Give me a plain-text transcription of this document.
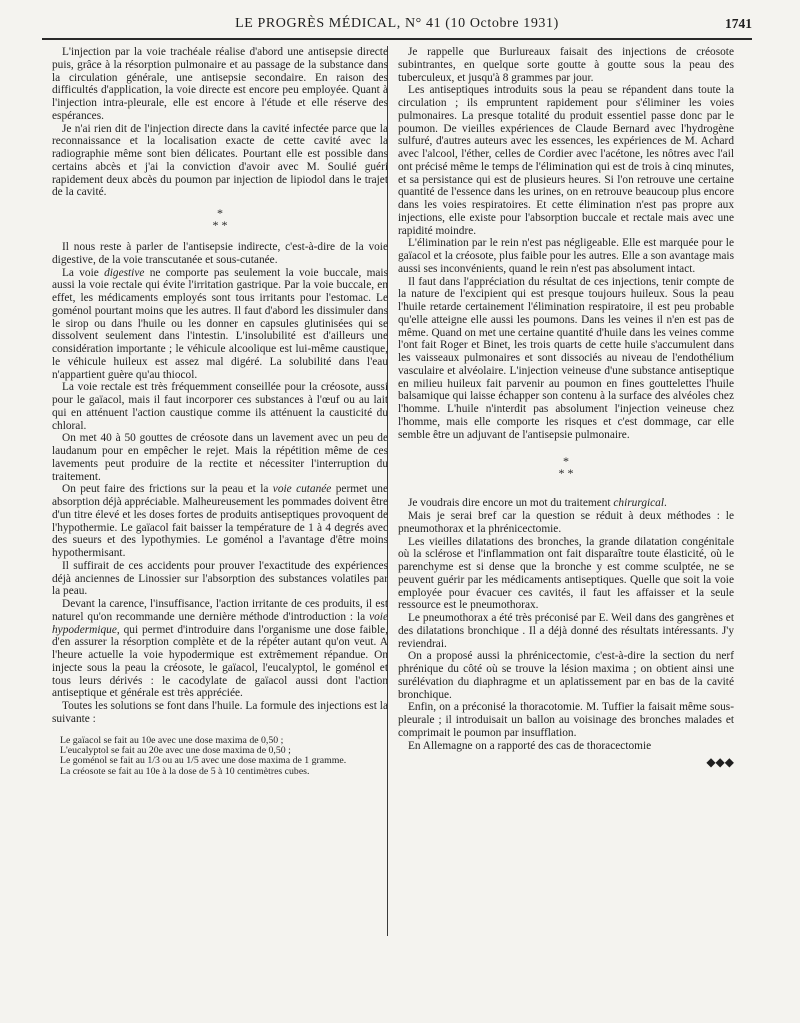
LE PROGRÈS MÉDICAL, N° 41 (10 Octobre 1931)	1741

L'injection par la voie trachéale réalise d'abord une antisepsie directe puis, grâce à la résorption pulmonaire et au passage de la substance dans la circulation générale, une antisepsie secondaire. En raison des difficultés d'application, la voie directe est encore peu employée. Quant à l'injection intra-pleurale, elle est encore à l'étude et elle réserve des espérances.

Je n'ai rien dit de l'injection directe dans la cavité infectée parce que la reconnaissance et la localisation exacte de cette cavité avec la radiographie même sont bien délicates. Pourtant elle est possible dans certains abcès et j'ai la conviction d'avoir avec M. Soulié guéri rapidement deux abcès du poumon par injection de lipiodol dans le trajet de la cavité.

*
* *

Il nous reste à parler de l'antisepsie indirecte, c'est-à-dire de la voie digestive, de la voie transcutanée et sous-cutanée.

La voie digestive ne comporte pas seulement la voie buccale, mais aussi la voie rectale qui évite l'irritation gastrique. Par la voie buccale, en effet, les médicaments employés sont tous irritants pour l'estomac. Le goménol pourtant moins que les autres. Il faut d'abord les dissimuler dans le sirop ou dans l'huile ou les donner en capsules glutinisées qui se dissolvent seulement dans l'intestin. L'insolubilité est d'ailleurs une considération importante ; le véhicule alcoolique est lui-même caustique, le véhicule huileux est assez mal digéré. La solubilité dans l'eau n'appartient guère qu'au thiocol.

La voie rectale est très fréquemment conseillée pour la créosote, aussi pour le gaïacol, mais il faut incorporer ces substances à l'œuf ou au lait qui en atténuent l'action caustique comme ils atténuent la causticité du chloral.

On met 40 à 50 gouttes de créosote dans un lavement avec un peu de laudanum pour en empêcher le rejet. Mais la répétition même de ces lavements peut produire de la rectite et nécessiter l'interruption du traitement.

On peut faire des frictions sur la peau et la voie cutanée permet une absorption déjà appréciable. Malheureusement les pommades doivent être d'un titre élevé et les doses fortes de produits antiseptiques provoquent de l'hypothermie. Le gaïacol fait baisser la température de 1 à 4 degrés avec des sueurs et des lypothymies. Le goménol a l'avantage d'être moins hypothermisant.

Il suffirait de ces accidents pour prouver l'exactitude des expériences déjà anciennes de Linossier sur l'absorption des substances volatiles par la peau.

Devant la carence, l'insuffisance, l'action irritante de ces produits, il est naturel qu'on recommande une dernière méthode d'introduction : la voie hypodermique, qui permet d'introduire dans l'organisme une dose faible, d'en assurer la résorption complète et de la répéter autant qu'on veut. A l'heure actuelle la voie hypodermique est extrêmement répandue. On injecte sous la peau la créosote, le gaïacol, l'eucalyptol, le goménol et tous leurs dérivés : le cacodylate de gaïacol aussi dont l'action antiseptique et générale est très appréciée.

Toutes les solutions se font dans l'huile. La formule des injections est la suivante :

Le gaïacol se fait au 10e avec une dose maxima de 0,50 ;
L'eucalyptol se fait au 20e avec une dose maxima de 0,50 ;
Le goménol se fait au 1/3 ou au 1/5 avec une dose maxima de 1 gramme.
La créosote se fait au 10e à la dose de 5 à 10 centimètres cubes.

Je rappelle que Burlureaux faisait des injections de créosote subintrantes, en quelque sorte goutte à goutte sous la peau des tuberculeux, et jusqu'à 8 grammes par jour.

Les antiseptiques introduits sous la peau se répandent dans toute la circulation ; ils empruntent rapidement pour s'éliminer les voies pulmonaires. La presque totalité du produit essentiel passe donc par le poumon. De vieilles expériences de Claude Bernard avec l'hydrogène sulfuré, d'autres auteurs avec les essences, les expériences de M. Achard avec l'alcool, l'éther, celles de Cordier avec l'acétone, les nôtres avec l'ail ont précisé même le temps de l'élimination qui est de trois à cinq minutes, et sa persistance qui est de plusieurs heures. Si l'on retrouve une certaine quantité de l'essence dans les urines, on en retrouve beaucoup plus encore dans les voies respiratoires. Et cette élimination n'est pas propre aux injections, elle existe pour l'absorption buccale et rectale mais avec une rapidité moindre.

L'élimination par le rein n'est pas négligeable. Elle est marquée pour le gaïacol et la créosote, plus faible pour les autres. Elle a son avantage mais aussi ses inconvénients, quand le rein n'est pas absolument intact.

Il faut dans l'appréciation du résultat de ces injections, tenir compte de la nature de l'excipient qui est presque toujours huileux. Sous la peau l'huile retarde certainement l'élimination respiratoire, il est peu probable qu'elle atteigne elle aussi les poumons. Dans les veines il n'en est pas de même. Quand on met une certaine quantité d'huile dans les veines comme l'ont fait Roger et Binet, les trois quarts de cette huile s'accumulent dans les vaisseaux pulmonaires et sont dissociés au niveau de l'endothélium vasculaire et alvéolaire. L'injection veineuse d'une substance antiseptique en milieu huileux fait parvenir au poumon en fines gouttelettes l'huile balsamique qui laisse échapper son contenu à la surface des alvéoles chez l'homme. L'huile n'interdit pas absolument l'injection veineuse chez l'homme, mais elle comporte les risques et c'est dommage, car elle semble être un adjuvant de l'antisepsie pulmonaire.

*
* *

Je voudrais dire encore un mot du traitement chirurgical.

Mais je serai bref car la question se réduit à deux méthodes : le pneumothorax et la phrénicectomie.

Les vieilles dilatations des bronches, la grande dilatation congénitale où la sclérose et l'inflammation ont fait disparaître toute élasticité, où le parenchyme est si dense que la bronche y est comme sculptée, ne se peuvent guérir par les médicaments antiseptiques. Quelle que soit la voie employée pour évacuer ces cavités, il faut les affaisser et la seule ressource est le pneumothorax.

Le pneumothorax a été très préconisé par E. Weil dans des gangrènes et des dilatations bronchique . Il a déjà donné des résultats intéressants. J'y reviendrai.

On a proposé aussi la phrénicectomie, c'est-à-dire la section du nerf phrénique du côté où se trouve la lésion maxima ; on obtient ainsi une surélévation du diaphragme et un aplatissement par en bas de la cavité bronchique.

Enfin, on a préconisé la thoracotomie. M. Tuffier la faisait même sous-pleurale ; il introduisait un ballon au voisinage des bronches malades et comprimait le poumon par insufflation.

En Allemagne on a rapporté des cas de thoracectomie

◆◆◆
